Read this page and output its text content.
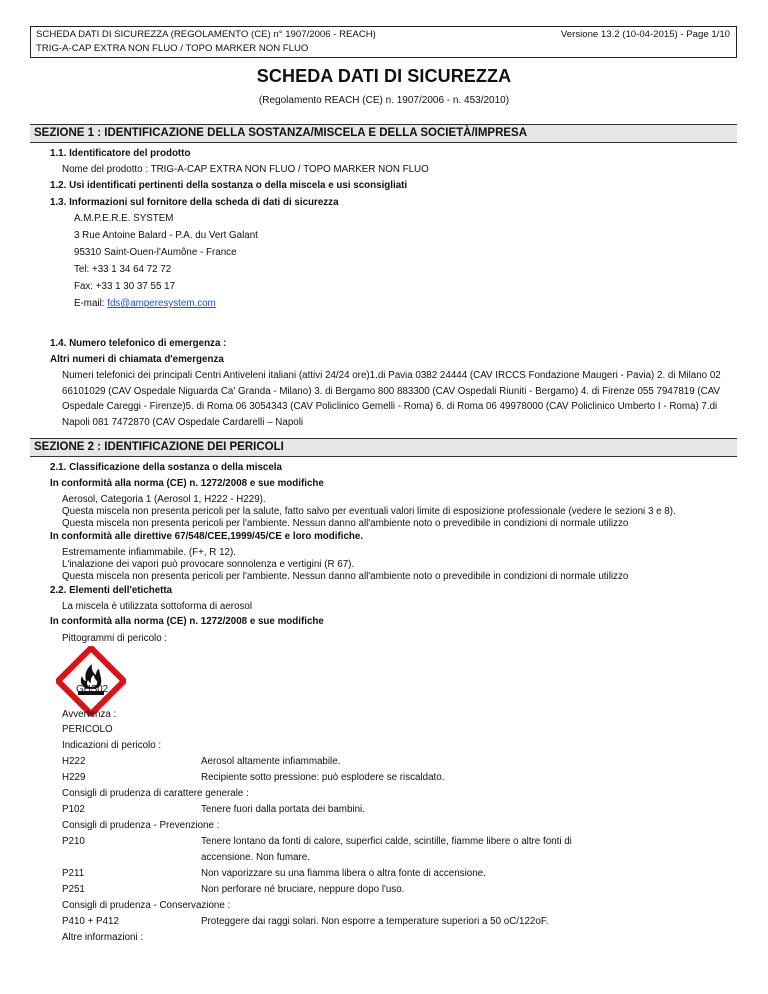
SCHEDA DATI DI SICUREZZA (REGOLAMENTO (CE) n° 1907/2006 - REACH)
TRIG-A-CAP EXTRA NON FLUO / TOPO MARKER NON FLUO
Versione 13.2 (10-04-2015) - Page 1/10
SCHEDA DATI DI SICUREZZA
(Regolamento REACH (CE) n. 1907/2006 - n. 453/2010)
SEZIONE 1 : IDENTIFICAZIONE DELLA SOSTANZA/MISCELA E DELLA SOCIETÀ/IMPRESA
1.1. Identificatore del prodotto
Nome del prodotto : TRIG-A-CAP EXTRA NON FLUO / TOPO MARKER NON FLUO
1.2. Usi identificati pertinenti della sostanza o della miscela e usi sconsigliati
1.3. Informazioni sul fornitore della scheda di dati di sicurezza
A.M.P.E.R.E. SYSTEM
3 Rue Antoine Balard - P.A. du Vert Galant
95310 Saint-Ouen-l'Aumône - France
Tel: +33 1 34 64 72 72
Fax: +33 1 30 37 55 17
E-mail: fds@amperesystem.com
1.4. Numero telefonico di emergenza :
Altri numeri di chiamata d'emergenza
Numeri telefonici dei principali Centri Antiveleni italiani (attivi 24/24 ore)1.di Pavia 0382 24444 (CAV IRCCS Fondazione Maugeri - Pavia) 2. di Milano 02 66101029 (CAV Ospedale Niguarda Ca' Granda - Milano) 3. di Bergamo 800 883300 (CAV Ospedali Riuniti - Bergamo) 4. di Firenze 055 7947819 (CAV Ospedale Careggi - Firenze)5. di Roma 06 3054343 (CAV Policlinico Gemelli - Roma) 6. di Roma 06 49978000 (CAV Policlinico Umberto I - Roma) 7.di Napoli 081 7472870 (CAV Ospedale Cardarelli – Napoli
SEZIONE 2 : IDENTIFICAZIONE DEI PERICOLI
2.1. Classificazione della sostanza o della miscela
In conformità alla norma (CE) n. 1272/2008 e sue modifiche
Aerosol, Categoria 1 (Aerosol 1, H222 - H229).
Questa miscela non presenta pericoli per la salute, fatto salvo per eventuali valori limite di esposizione professionale (vedere le sezioni 3 e 8).
Questa miscela non presenta pericoli per l'ambiente. Nessun danno all'ambiente noto o prevedibile in condizioni di normale utilizzo
In conformità alle direttive 67/548/CEE,1999/45/CE e loro modifiche.
Estremamente infiammabile. (F+, R 12).
L'inalazione dei vapori può provocare sonnolenza e vertigini (R 67).
Questa miscela non presenta pericoli per l'ambiente. Nessun danno all'ambiente noto o prevedibile in condizioni di normale utilizzo
2.2. Elementi dell'etichetta
La miscela è utilizzata sottoforma di aerosol
In conformità alla norma (CE) n. 1272/2008 e sue modifiche
Pittogrammi di pericolo :
GHS02
Avvertenza :
PERICOLO
Indicazioni di pericolo :
H222	Aerosol altamente infiammabile.
H229	Recipiente sotto pressione: può esplodere se riscaldato.
Consigli di prudenza di carattere generale :
P102	Tenere fuori dalla portata dei bambini.
Consigli di prudenza - Prevenzione :
P210	Tenere lontano da fonti di calore, superfici calde, scintille, fiamme libere o altre fonti di
accensione. Non fumare.
P211	Non vaporizzare su una fiamma libera o altra fonte di accensione.
P251	Non perforare né bruciare, neppure dopo l'uso.
Consigli di prudenza - Conservazione :
P410 + P412	Proteggere dai raggi solari. Non esporre a temperature superiori a 50 oC/122oF.
Altre informazioni :
